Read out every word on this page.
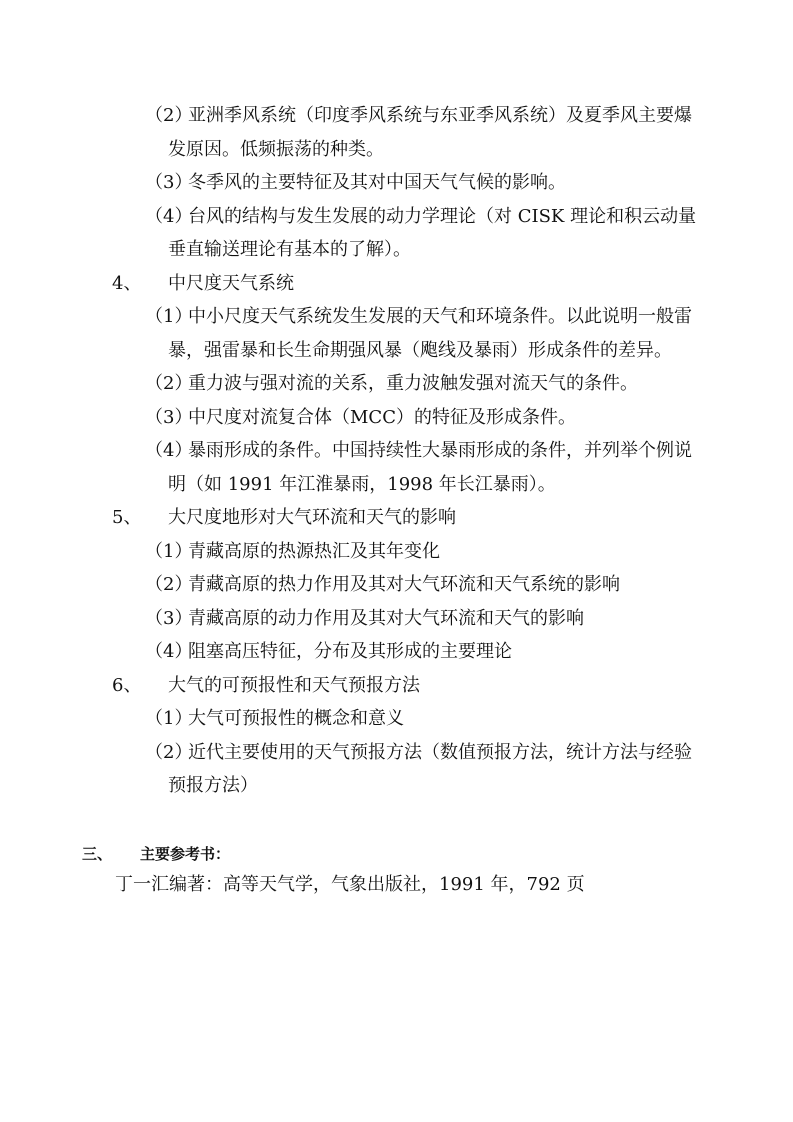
（2）
亚洲季风系统（印度季风系统与东亚季风系统）及夏季风主要爆
发原因。低频振荡的种类。
（3）
冬季风的主要特征及其对中国天气气候的影响。
（4）
台风的结构与发生发展的动力学理论（对 CISK 理论和积云动量
垂直输送理论有基本的了解）。
4、 中尺度天气系统
（1）
中小尺度天气系统发生发展的天气和环境条件。以此说明一般雷
暴，强雷暴和长生命期强风暴（飑线及暴雨）形成条件的差异。
（2）
重力波与强对流的关系，重力波触发强对流天气的条件。
（3）
中尺度对流复合体（MCC）的特征及形成条件。
（4）
暴雨形成的条件。中国持续性大暴雨形成的条件，并列举个例说
明（如 1991 年江淮暴雨，1998 年长江暴雨）。
5、 大尺度地形对大气环流和天气的影响
（1）
青藏高原的热源热汇及其年变化
（2）
青藏高原的热力作用及其对大气环流和天气系统的影响
（3）
青藏高原的动力作用及其对大气环流和天气的影响
（4）
阻塞高压特征，分布及其形成的主要理论
6、 大气的可预报性和天气预报方法
（1）
大气可预报性的概念和意义
（2）
近代主要使用的天气预报方法（数值预报方法，统计方法与经验
预报方法）
三、 主要参考书：
丁一汇编著：高等天气学，气象出版社，1991 年，792 页
